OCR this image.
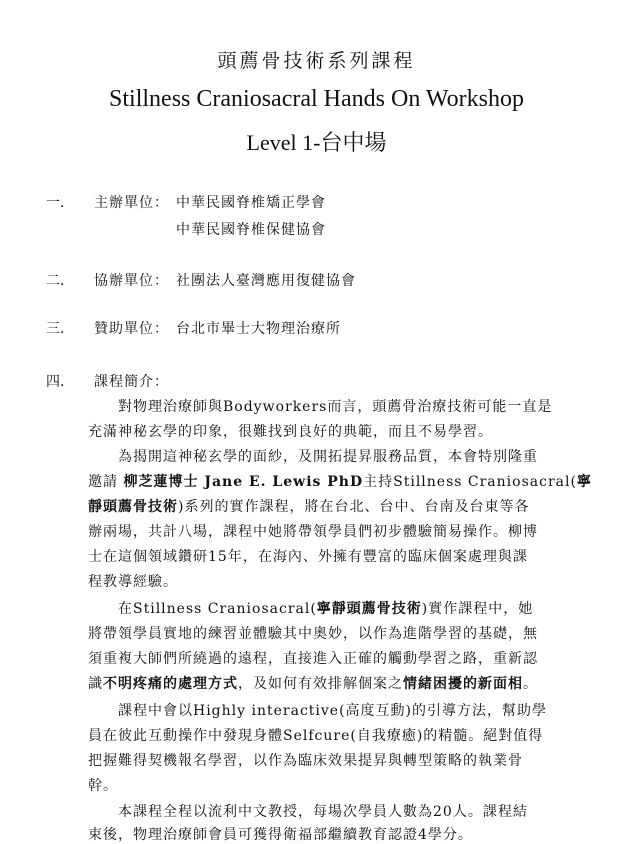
頭薦骨技術系列課程
Stillness Craniosacral Hands On Workshop
Level 1-台中場
一． 主辦單位： 中華民國脊椎矯正學會
中華民國脊椎保健協會
二． 協辦單位： 社團法人臺灣應用復健協會
三． 贊助單位： 台北市畢士大物理治療所
四． 課程簡介：
對物理治療師與Bodyworkers而言，頭薦骨治療技術可能一直是
充滿神秘玄學的印象，很難找到良好的典範，而且不易學習。
為揭開這神秘玄學的面紗，及開拓提昇服務品質，本會特別隆重
邀請 柳芝蓮博士 Jane E. Lewis PhD主持Stillness Craniosacral(寧
靜頭薦骨技術)系列的實作課程，將在台北、台中、台南及台東等各
辦兩場，共計八場，課程中她將帶領學員們初步體驗簡易操作。柳博
士在這個領域鑽研15年，在海內、外擁有豐富的臨床個案處理與課
程教導經驗。
在Stillness Craniosacral(寧靜頭薦骨技術)實作課程中，她
將帶領學員實地的練習並體驗其中奧妙，以作為進階學習的基礎，無
須重複大師們所繞過的遠程，直接進入正確的觸動學習之路，重新認
識不明疼痛的處理方式，及如何有效排解個案之情緒困擾的新面相。
課程中會以Highly interactive(高度互動)的引導方法，幫助學
員在彼此互動操作中發現身體Selfcure(自我療癒)的精髓。絕對值得
把握難得契機報名學習，以作為臨床效果提昇與轉型策略的執業骨
幹。
本課程全程以流利中文教授，每場次學員人數為20人。課程結
束後，物理治療師會員可獲得衛福部繼續教育認證4學分。
